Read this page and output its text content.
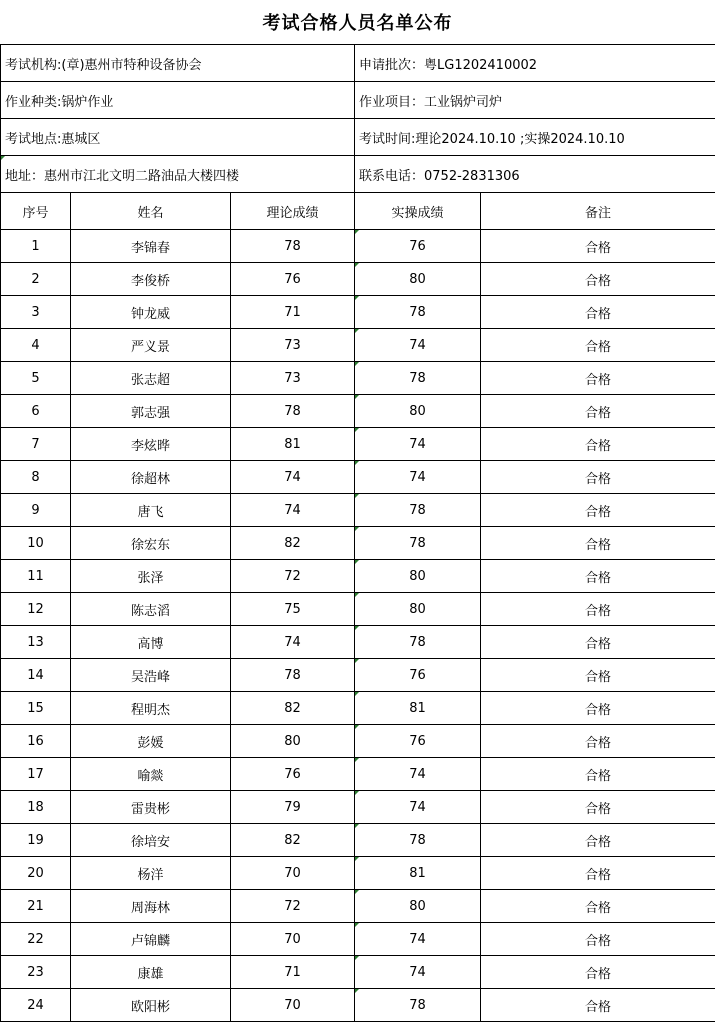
考试合格人员名单公布
考试机构:(章)惠州市特种设备协会			申请批次：粤LG1202410002	
作业种类:锅炉作业			作业项目：工业锅炉司炉	
考试地点:惠城区			考试时间:理论2024.10.10 ;实操2024.10.10	
地址：惠州市江北文明二路油品大楼四楼			联系电话：0752-2831306	
序号	姓名	理论成绩	实操成绩	备注
1	李锦春	78	76	合格
2	李俊桥	76	80	合格
3	钟龙威	71	78	合格
4	严义景	73	74	合格
5	张志超	73	78	合格
6	郭志强	78	80	合格
7	李炫晔	81	74	合格
8	徐超林	74	74	合格
9	唐飞	74	78	合格
10	徐宏东	82	78	合格
11	张泽	72	80	合格
12	陈志滔	75	80	合格
13	高博	74	78	合格
14	吴浩峰	78	76	合格
15	程明杰	82	81	合格
16	彭媛	80	76	合格
17	喻燚	76	74	合格
18	雷贵彬	79	74	合格
19	徐培安	82	78	合格
20	杨洋	70	81	合格
21	周海林	72	80	合格
22	卢锦麟	70	74	合格
23	康雄	71	74	合格
24	欧阳彬	70	78	合格
